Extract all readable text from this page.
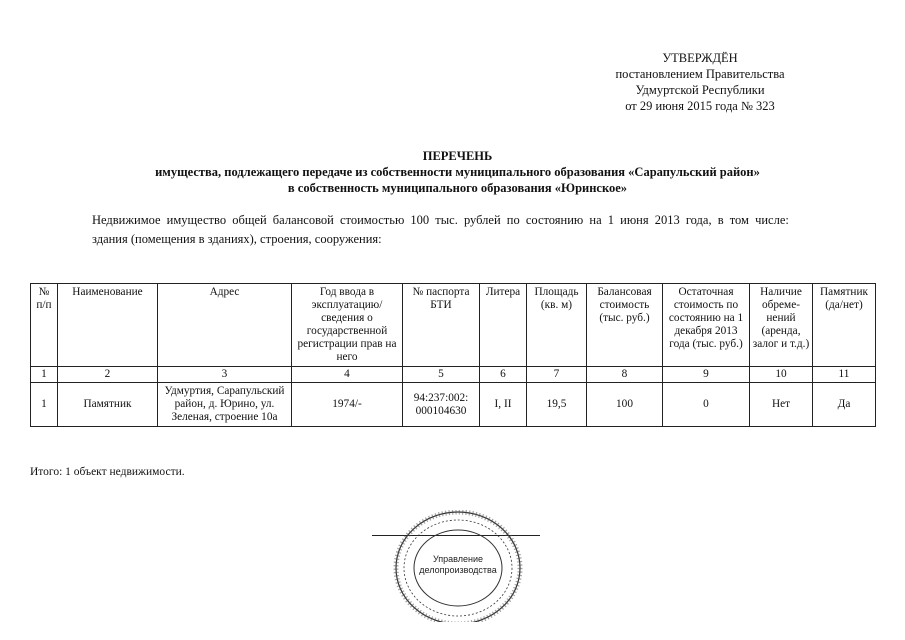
УТВЕРЖДЁН
постановлением Правительства
Удмуртской Республики
от 29 июня 2015 года № 323
ПЕРЕЧЕНЬ
имущества, подлежащего передаче из собственности муниципального образования «Сарапульский район»
в собственность муниципального образования «Юринское»
Недвижимое имущество общей балансовой стоимостью 100 тыс. рублей по состоянию на 1 июня 2013 года, в том числе:
здания (помещения в зданиях), строения, сооружения:
№ п/п	Наименование	Адрес	Год ввода в эксплуатацию/ сведения о государственной регистрации прав на него	№ паспорта БТИ	Литера	Площадь (кв. м)	Балансовая стоимость (тыс. руб.)	Остаточная стоимость по состоянию на 1 декабря 2013 года (тыс. руб.)	Наличие обреме- нений (аренда, залог и т.д.)	Памятник (да/нет)
1	2	3	4	5	6	7	8	9	10	11
1	Памятник	Удмуртия, Сарапульский район, д. Юрино, ул. Зеленая, строение 10а	1974/-	94:237:002: 000104630	I, II	19,5	100	0	Нет	Да
Итого: 1 объект недвижимости.
Управление
делопроизводства
